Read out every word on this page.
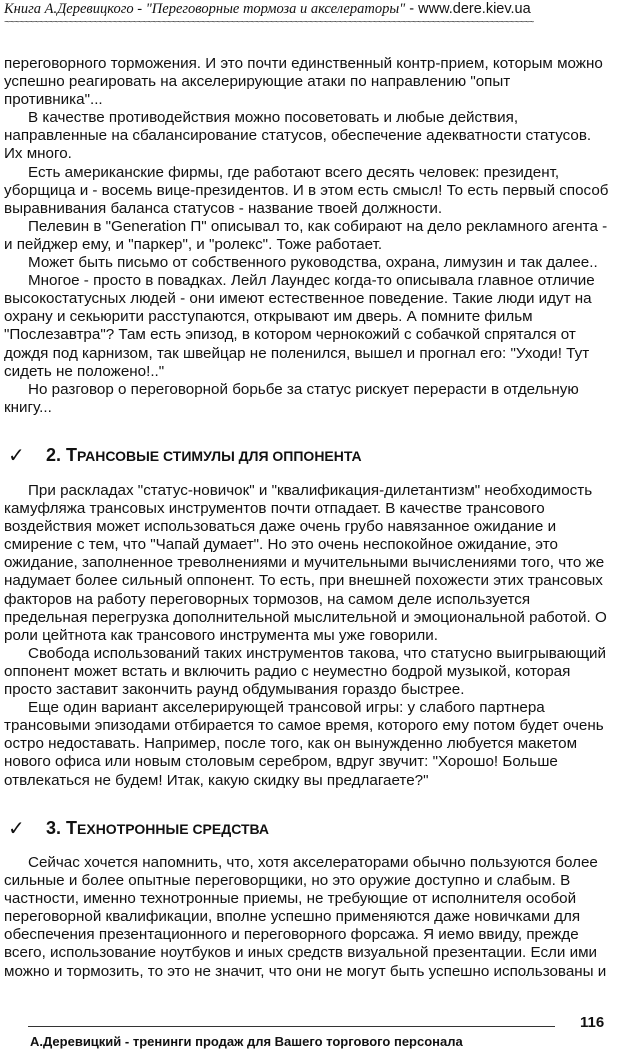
Книга А.Деревицкого - "Переговорные тормоза и акселераторы" - www.dere.kiev.ua
~~~~~~~~~~~~~~~~~~~~~~~~~~~~~~~~~~~~~~~~~~~~~~~~~~~~~~~~~~~~~~~~~~~~~~~~~~~~~~~~~~~~~~~~~~~~~~~~~~~~~~~~~~~~

переговорного торможения. И это почти единственный контр-прием, которым можно

успешно реагировать на акселерирующие атаки по направлению "опыт

противника"...

В качестве противодействия можно посоветовать и любые действия,

направленные на сбалансирование статусов, обеспечение адекватности статусов.

Их много.

Есть американские фирмы, где работают всего десять человек: президент,

уборщица и - восемь вице-президентов. И в этом есть смысл! То есть первый способ

выравнивания баланса статусов - название твоей должности.

Пелевин в "Generation П" описывал то, как собирают на дело рекламного агента -

и пейджер ему, и "паркер", и "ролекс". Тоже работает.

Может быть письмо от собственного руководства, охрана, лимузин и так далее..

Многое - просто в повадках. Лейл Лаундес когда-то описывала главное отличие

высокостатусных людей - они имеют естественное поведение. Такие люди идут на

охрану и секьюрити расступаются, открывают им дверь. А помните фильм

"Послезавтра"? Там есть эпизод, в котором чернокожий с собачкой спрятался от

дождя под карнизом, так швейцар не поленился, вышел и прогнал его: "Уходи! Тут

сидеть не положено!.."

Но разговор о переговорной борьбе за статус рискует перерасти в отдельную

книгу...

✓	2. ТРАНСОВЫЕ СТИМУЛЫ ДЛЯ ОППОНЕНТА

При раскладах "статус-новичок" и "квалификация-дилетантизм" необходимость

камуфляжа трансовых инструментов почти отпадает. В качестве трансового

воздействия может использоваться даже очень грубо навязанное ожидание и

смирение с тем, что "Чапай думает". Но это очень неспокойное ожидание, это

ожидание, заполненное треволнениями и мучительными вычислениями того, что же

надумает более сильный оппонент. То есть, при внешней похожести этих трансовых

факторов на работу переговорных тормозов, на самом деле используется

предельная перегрузка дополнительной мыслительной и эмоциональной работой. О

роли цейтнота как трансового инструмента мы уже говорили.

Свобода использований таких инструментов такова, что статусно выигрывающий

оппонент может встать и включить радио с неуместно бодрой музыкой, которая

просто заставит закончить раунд обдумывания гораздо быстрее.

Еще один вариант акселерирующей трансовой игры: у слабого партнера

трансовыми эпизодами отбирается то самое время, которого ему потом будет очень

остро недоставать. Например, после того, как он вынужденно любуется макетом

нового офиса или новым столовым серебром, вдруг звучит: "Хорошо! Больше

отвлекаться не будем! Итак, какую скидку вы предлагаете?"

✓	3. ТЕХНОТРОННЫЕ СРЕДСТВА

Сейчас хочется напомнить, что, хотя акселераторами обычно пользуются более

сильные и более опытные переговорщики, но это оружие доступно и слабым. В

частности, именно технотронные приемы, не требующие от исполнителя особой

переговорной квалификации, вполне успешно применяются даже новичками для

обеспечения презентационного и переговорного форсажа. Я иемо ввиду, прежде

всего, использование ноутбуков и иных средств визуальной презентации. Если ими

можно и тормозить, то это не значит, что они не могут быть успешно использованы и

116
А.Деревицкий - тренинги продаж для Вашего торгового персонала
